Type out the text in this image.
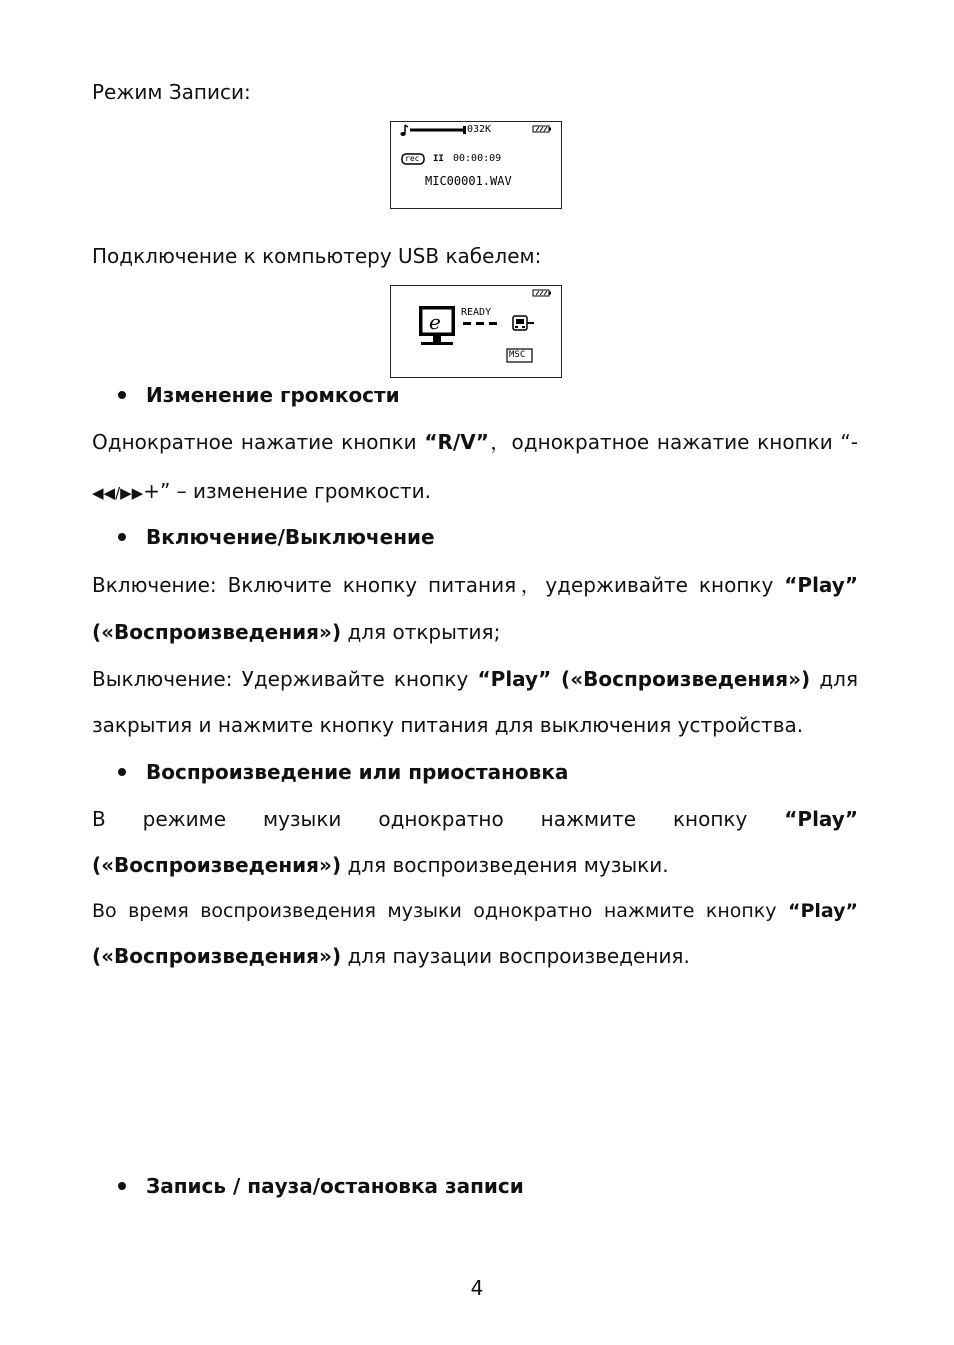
Режим Записи:
032K
rec II 00:00:09
MIC00001.WAV
Подключение к компьютеру USB кабелем:
e READY
MSC
Изменение громкости
Однократное нажатие кнопки “R/V”，однократное нажатие кнопки “-
◀◀/▶▶+” – изменение громкости.
Включение/Выключение
Включение: Включите кнопку питания，удерживайте кнопку “Play”
(«Воспроизведения») для открытия;
Выключение: Удерживайте кнопку “Play” («Воспроизведения») для
закрытия и нажмите кнопку питания для выключения устройства.
Воспроизведение или приостановка
В режиме музыки однократно нажмите кнопку “Play”
(«Воспроизведения») для воспроизведения музыки.
Во время воспроизведения музыки однократно нажмите кнопку “Play”
(«Воспроизведения») для паузации воспроизведения.
Запись / пауза/остановка записи
4
